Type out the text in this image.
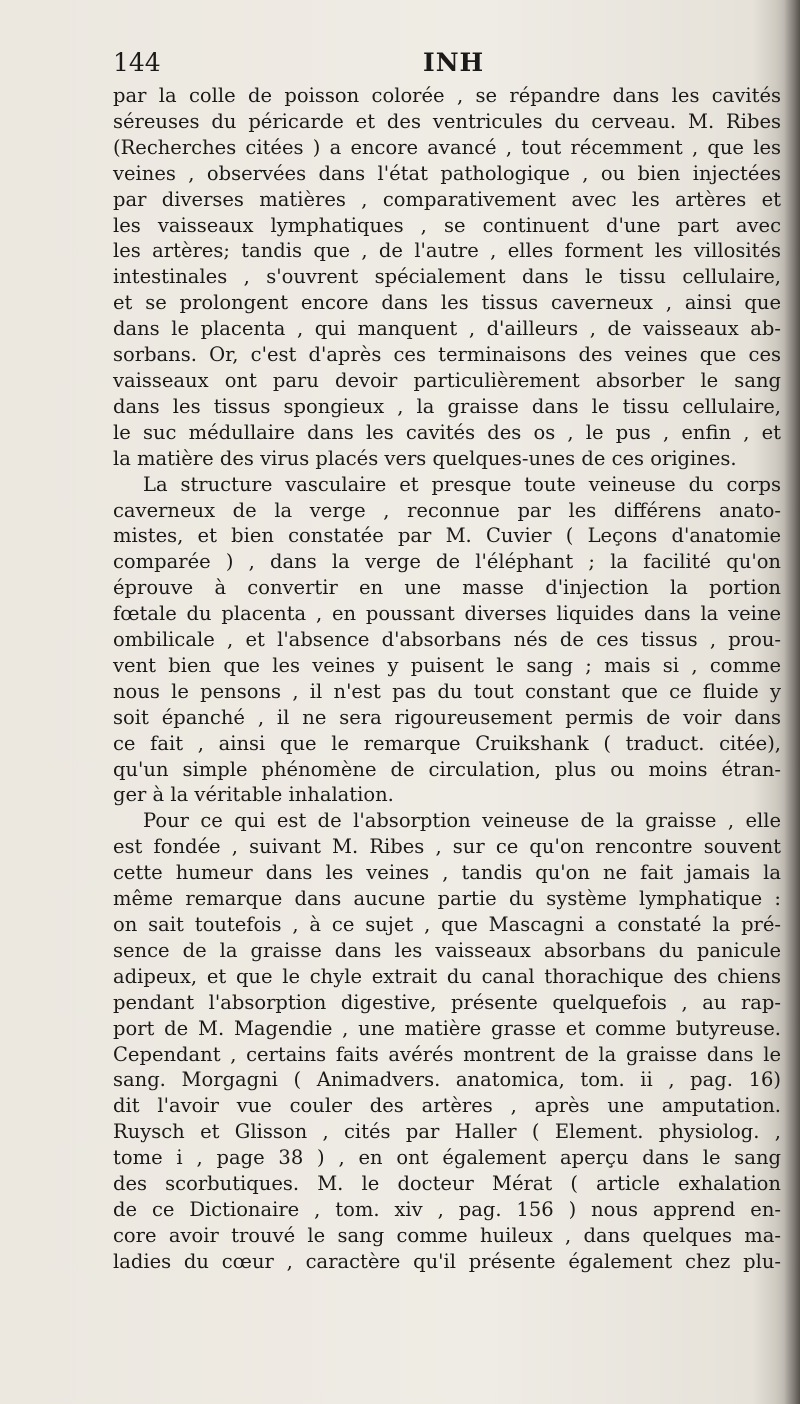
144	INH
par la colle de poisson colorée , se répandre dans les cavités
séreuses du péricarde et des ventricules du cerveau. M. Ribes
(Recherches citées ) a encore avancé , tout récemment , que les
veines , observées dans l'état pathologique , ou bien injectées
par diverses matières , comparativement avec les artères et
les vaisseaux lymphatiques , se continuent d'une part avec
les artères; tandis que , de l'autre , elles forment les villosités
intestinales , s'ouvrent spécialement dans le tissu cellulaire,
et se prolongent encore dans les tissus caverneux , ainsi que
dans le placenta , qui manquent , d'ailleurs , de vaisseaux ab-
sorbans. Or, c'est d'après ces terminaisons des veines que ces
vaisseaux ont paru devoir particulièrement absorber le sang
dans les tissus spongieux , la graisse dans le tissu cellulaire,
le suc médullaire dans les cavités des os , le pus , enfin , et
la matière des virus placés vers quelques-unes de ces origines.
La structure vasculaire et presque toute veineuse du corps
caverneux de la verge , reconnue par les différens anato-
mistes, et bien constatée par M. Cuvier ( Leçons d'anatomie
comparée ) , dans la verge de l'éléphant ; la facilité qu'on
éprouve à convertir en une masse d'injection la portion
fœtale du placenta , en poussant diverses liquides dans la veine
ombilicale , et l'absence d'absorbans nés de ces tissus , prou-
vent bien que les veines y puisent le sang ; mais si , comme
nous le pensons , il n'est pas du tout constant que ce fluide y
soit épanché , il ne sera rigoureusement permis de voir dans
ce fait , ainsi que le remarque Cruikshank ( traduct. citée),
qu'un simple phénomène de circulation, plus ou moins étran-
ger à la véritable inhalation.
Pour ce qui est de l'absorption veineuse de la graisse , elle
est fondée , suivant M. Ribes , sur ce qu'on rencontre souvent
cette humeur dans les veines , tandis qu'on ne fait jamais la
même remarque dans aucune partie du système lymphatique :
on sait toutefois , à ce sujet , que Mascagni a constaté la pré-
sence de la graisse dans les vaisseaux absorbans du panicule
adipeux, et que le chyle extrait du canal thorachique des chiens
pendant l'absorption digestive, présente quelquefois , au rap-
port de M. Magendie , une matière grasse et comme butyreuse.
Cependant , certains faits avérés montrent de la graisse dans le
sang. Morgagni ( Animadvers. anatomica, tom. ii , pag. 16)
dit l'avoir vue couler des artères , après une amputation.
Ruysch et Glisson , cités par Haller ( Element. physiolog. ,
tome i , page 38 ) , en ont également aperçu dans le sang
des scorbutiques. M. le docteur Mérat ( article exhalation
de ce Dictionaire , tom. xiv , pag. 156 ) nous apprend en-
core avoir trouvé le sang comme huileux , dans quelques ma-
ladies du cœur , caractère qu'il présente également chez plu-
